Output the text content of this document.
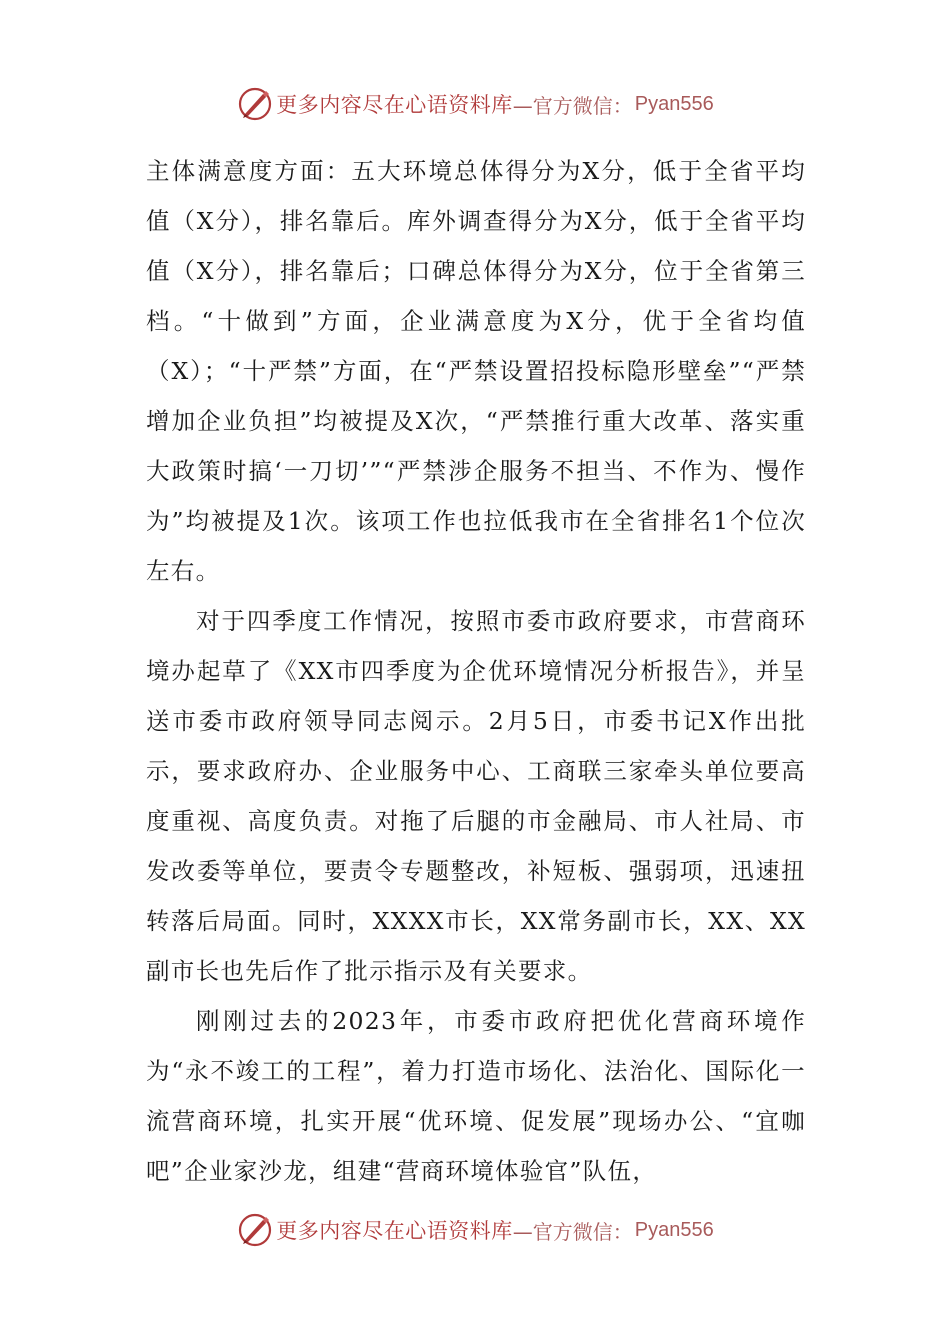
更多内容尽在心语资料库 —官方微信： Pyan556

主体满意度方面：五大环境总体得分为X分，低于全省平均值（X分），排名靠后。库外调查得分为X分，低于全省平均值（X分），排名靠后；口碑总体得分为X分，位于全省第三档。“十做到”方面，企业满意度为X分，优于全省均值（X）；“十严禁”方面，在“严禁设置招投标隐形壁垒”“严禁增加企业负担”均被提及X次，“严禁推行重大改革、落实重大政策时搞‘一刀切’”“严禁涉企服务不担当、不作为、慢作为”均被提及1次。该项工作也拉低我市在全省排名1个位次左右。

对于四季度工作情况，按照市委市政府要求，市营商环境办起草了《XX市四季度为企优环境情况分析报告》，并呈送市委市政府领导同志阅示。2月5日，市委书记X作出批示，要求政府办、企业服务中心、工商联三家牵头单位要高度重视、高度负责。对拖了后腿的市金融局、市人社局、市发改委等单位，要责令专题整改，补短板、强弱项，迅速扭转落后局面。同时，XXXX市长，XX常务副市长，XX、XX副市长也先后作了批示指示及有关要求。

刚刚过去的2023年，市委市政府把优化营商环境作为“永不竣工的工程”，着力打造市场化、法治化、国际化一流营商环境，扎实开展“优环境、促发展”现场办公、“宜咖吧”企业家沙龙，组建“营商环境体验官”队伍，

更多内容尽在心语资料库 —官方微信： Pyan556
